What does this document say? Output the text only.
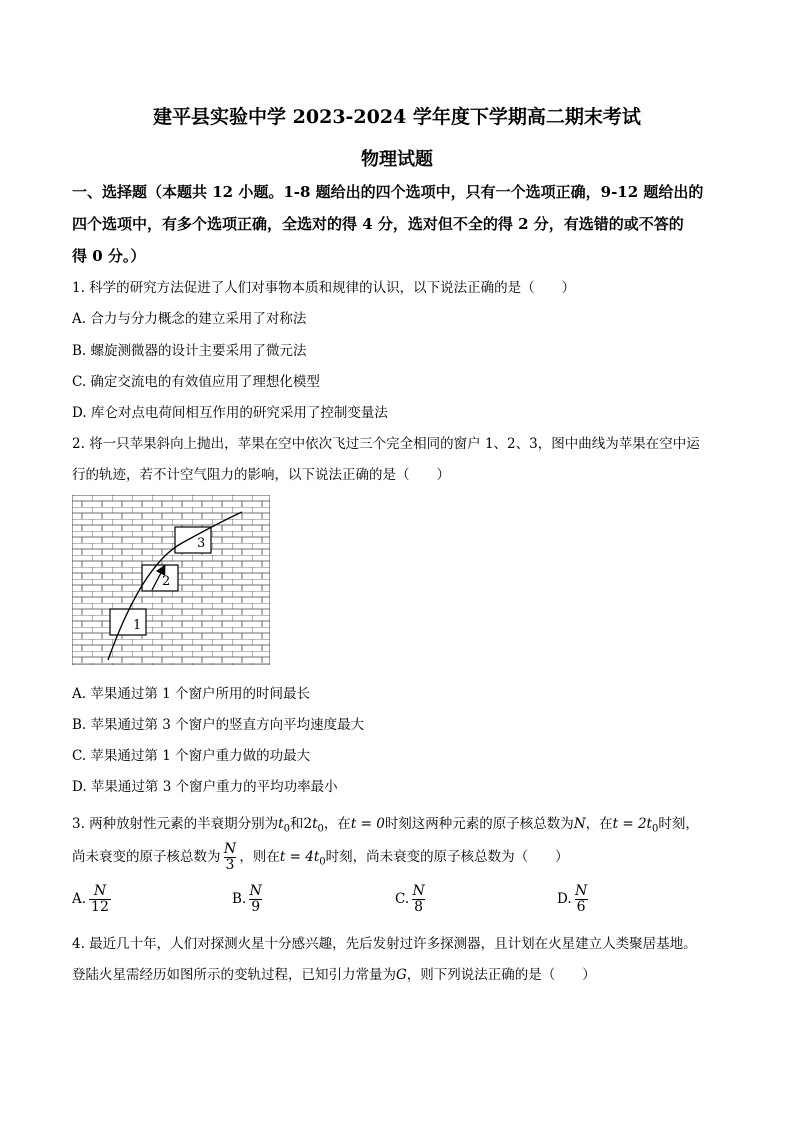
建平县实验中学 2023-2024 学年度下学期高二期末考试
物理试题
一、选择题（本题共 12 小题。1-8 题给出的四个选项中，只有一个选项正确，9-12 题给出的
四个选项中，有多个选项正确，全选对的得 4 分，选对但不全的得 2 分，有选错的或不答的
得 0 分。）
1. 科学的研究方法促进了人们对事物本质和规律的认识，以下说法正确的是（　　）
A. 合力与分力概念的建立采用了对称法
B. 螺旋测微器的设计主要采用了微元法
C. 确定交流电的有效值应用了理想化模型
D. 库仑对点电荷间相互作用的研究采用了控制变量法
2. 将一只苹果斜向上抛出，苹果在空中依次飞过三个完全相同的窗户 1、2、3，图中曲线为苹果在空中运
行的轨迹，若不计空气阻力的影响，以下说法正确的是（　　）
1
2
3
A. 苹果通过第 1 个窗户所用的时间最长
B. 苹果通过第 3 个窗户的竖直方向平均速度最大
C. 苹果通过第 1 个窗户重力做的功最大
D. 苹果通过第 3 个窗户重力的平均功率最小
3. 两种放射性元素的半衰期分别为$t_0$和$2t_0$，在t = 0时刻这两种元素的原子核总数为N，在$t = 2t_0$时刻，
尚未衰变的原子核总数为 $\frac{N}{3}$ ，则在$t = 4t_0$时刻，尚未衰变的原子核总数为（　　）
A. $\frac{N}{12}$	B. $\frac{N}{9}$	C. $\frac{N}{8}$	D. $\frac{N}{6}$
4. 最近几十年，人们对探测火星十分感兴趣，先后发射过许多探测器，且计划在火星建立人类聚居基地。
登陆火星需经历如图所示的变轨过程，已知引力常量为G，则下列说法正确的是（　　）
